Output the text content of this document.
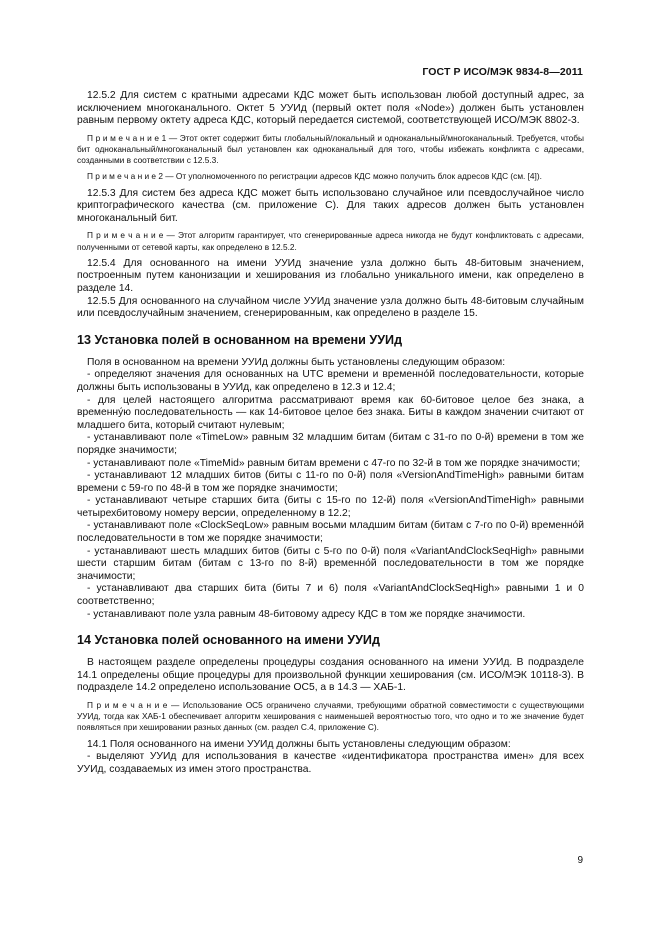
ГОСТ Р ИСО/МЭК 9834-8—2011

12.5.2 Для систем с кратными адресами КДС может быть использован любой доступный адрес, за исключением многоканального. Октет 5 УУИд (первый октет поля «Node») должен быть установлен равным первому октету адреса КДС, который передается системой, соответствующей ИСО/МЭК 8802-3.

П р и м е ч а н и е 1 — Этот октет содержит биты глобальный/локальный и одноканальный/многоканальный. Требуется, чтобы бит одноканальный/многоканальный был установлен как одноканальный для того, чтобы избежать конфликта с адресами, созданными в соответствии с 12.5.3.

П р и м е ч а н и е 2 — От уполномоченного по регистрации адресов КДС можно получить блок адресов КДС (см. [4]).

12.5.3 Для систем без адреса КДС может быть использовано случайное или псевдослучайное число криптографического качества (см. приложение С). Для таких адресов должен быть установлен многоканальный бит.

П р и м е ч а н и е — Этот алгоритм гарантирует, что сгенерированные адреса никогда не будут конфликтовать с адресами, полученными от сетевой карты, как определено в 12.5.2.

12.5.4 Для основанного на имени УУИд значение узла должно быть 48-битовым значением, построенным путем канонизации и хеширования из глобально уникального имени, как определено в разделе 14.

12.5.5 Для основанного на случайном числе УУИд значение узла должно быть 48-битовым случайным или псевдослучайным значением, сгенерированным, как определено в разделе 15.

13 Установка полей в основанном на времени УУИд

Поля в основанном на времени УУИд должны быть установлены следующим образом:

- определяют значения для основанных на UTC времени и временно́й последовательности, которые должны быть использованы в УУИд, как определено в 12.3 и 12.4;

- для целей настоящего алгоритма рассматривают время как 60-битовое целое без знака, а временну́ю последовательность — как 14-битовое целое без знака. Биты в каждом значении считают от младшего бита, который считают нулевым;

- устанавливают поле «TimeLow» равным 32 младшим битам (битам с 31-го по 0-й) времени в том же порядке значимости;

- устанавливают поле «TimeMid» равным битам времени с 47-го по 32-й в том же порядке значимости;

- устанавливают 12 младших битов (биты с 11-го по 0-й) поля «VersionAndTimeHigh» равными битам времени с 59-го по 48-й в том же порядке значимости;

- устанавливают четыре старших бита (биты с 15-го по 12-й) поля «VersionAndTimeHigh» равными четырехбитовому номеру версии, определенному в 12.2;

- устанавливают поле «ClockSeqLow» равным восьми младшим битам (битам с 7-го по 0-й) временно́й последовательности в том же порядке значимости;

- устанавливают шесть младших битов (биты с 5-го по 0-й) поля «VariantAndClockSeqHigh» равными шести старшим битам (битам с 13-го по 8-й) временно́й последовательности в том же порядке значимости;

- устанавливают два старших бита (биты 7 и 6) поля «VariantAndClockSeqHigh» равными 1 и 0 соответственно;

- устанавливают поле узла равным 48-битовому адресу КДС в том же порядке значимости.

14 Установка полей основанного на имени УУИд

В настоящем разделе определены процедуры создания основанного на имени УУИд. В подразделе 14.1 определены общие процедуры для произвольной функции хеширования (см. ИСО/МЭК 10118-3). В подразделе 14.2 определено использование ОС5, а в 14.3 — ХАБ-1.

П р и м е ч а н и е — Использование ОС5 ограничено случаями, требующими обратной совместимости с существующими УУИд, тогда как ХАБ-1 обеспечивает алгоритм хеширования с наименьшей вероятностью того, что одно и то же значение будет появляться при хешировании разных данных (см. раздел С.4, приложение С).

14.1 Поля основанного на имени УУИд должны быть установлены следующим образом:

- выделяют УУИд для использования в качестве «идентификатора пространства имен» для всех УУИд, создаваемых из имен этого пространства.

9
